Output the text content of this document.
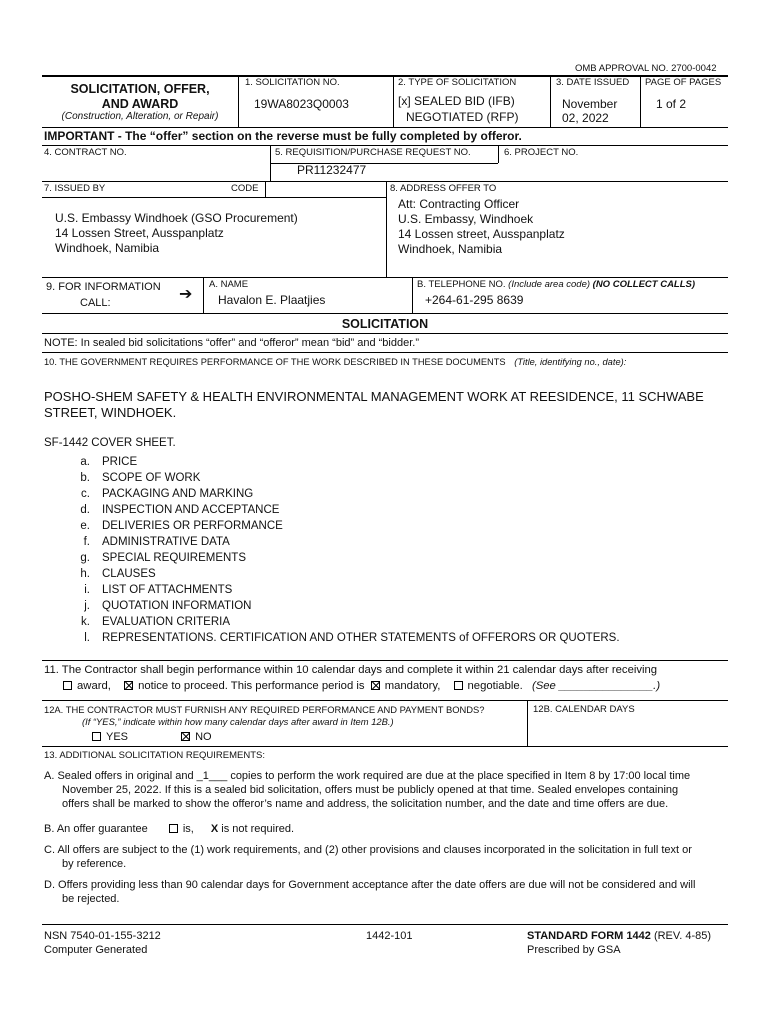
OMB APPROVAL NO. 2700-0042
SOLICITATION, OFFER,
AND AWARD
(Construction, Alteration, or Repair)
1. SOLICITATION NO.
19WA8023Q0003
2. TYPE OF SOLICITATION
[x] SEALED BID (IFB)
NEGOTIATED (RFP)
3. DATE ISSUED
November
02, 2022
PAGE OF PAGES
1 of 2
IMPORTANT - The “offer” section on the reverse must be fully completed by offeror.
4. CONTRACT NO.	5. REQUISITION/PURCHASE REQUEST NO.
PR11232477
6. PROJECT NO.
7. ISSUED BY	CODE
U.S. Embassy Windhoek (GSO Procurement)
14 Lossen Street, Ausspanplatz
Windhoek, Namibia
8. ADDRESS OFFER TO
Att: Contracting Officer
U.S. Embassy, Windhoek
14 Lossen street, Ausspanplatz
Windhoek, Namibia
9. FOR INFORMATION
CALL:	➔
A. NAME
Havalon E. Plaatjies
B. TELEPHONE NO. (Include area code) (NO COLLECT CALLS)
+264-61-295 8639
SOLICITATION
NOTE: In sealed bid solicitations “offer” and “offeror” mean “bid” and “bidder.”
10. THE GOVERNMENT REQUIRES PERFORMANCE OF THE WORK DESCRIBED IN THESE DOCUMENTS (Title, identifying no., date):
POSHO-SHEM SAFETY & HEALTH ENVIRONMENTAL MANAGEMENT WORK AT REESIDENCE, 11 SCHWABE
STREET, WINDHOEK.
SF-1442 COVER SHEET.
a. PRICE
b. SCOPE OF WORK
c. PACKAGING AND MARKING
d. INSPECTION AND ACCEPTANCE
e. DELIVERIES OR PERFORMANCE
f. ADMINISTRATIVE DATA
g. SPECIAL REQUIREMENTS
h. CLAUSES
i. LIST OF ATTACHMENTS
j. QUOTATION INFORMATION
k. EVALUATION CRITERIA
l. REPRESENTATIONS. CERTIFICATION AND OTHER STATEMENTS of OFFERORS OR QUOTERS.
11. The Contractor shall begin performance within 10 calendar days and complete it within 21 calendar days after receiving
award, notice to proceed. This performance period is mandatory, negotiable. (See _______________.)
12A. THE CONTRACTOR MUST FURNISH ANY REQUIRED PERFORMANCE AND PAYMENT BONDS?
(If “YES,” indicate within how many calendar days after award in Item 12B.)
YES	NO
12B. CALENDAR DAYS
13. ADDITIONAL SOLICITATION REQUIREMENTS:
A. Sealed offers in original and _1___ copies to perform the work required are due at the place specified in Item 8 by 17:00 local time
November 25, 2022. If this is a sealed bid solicitation, offers must be publicly opened at that time. Sealed envelopes containing
offers shall be marked to show the offeror’s name and address, the solicitation number, and the date and time offers are due.
B. An offer guarantee	is, X is not required.
C. All offers are subject to the (1) work requirements, and (2) other provisions and clauses incorporated in the solicitation in full text or
by reference.
D. Offers providing less than 90 calendar days for Government acceptance after the date offers are due will not be considered and will
be rejected.
NSN 7540-01-155-3212
Computer Generated
1442-101	STANDARD FORM 1442 (REV. 4-85)
Prescribed by GSA
